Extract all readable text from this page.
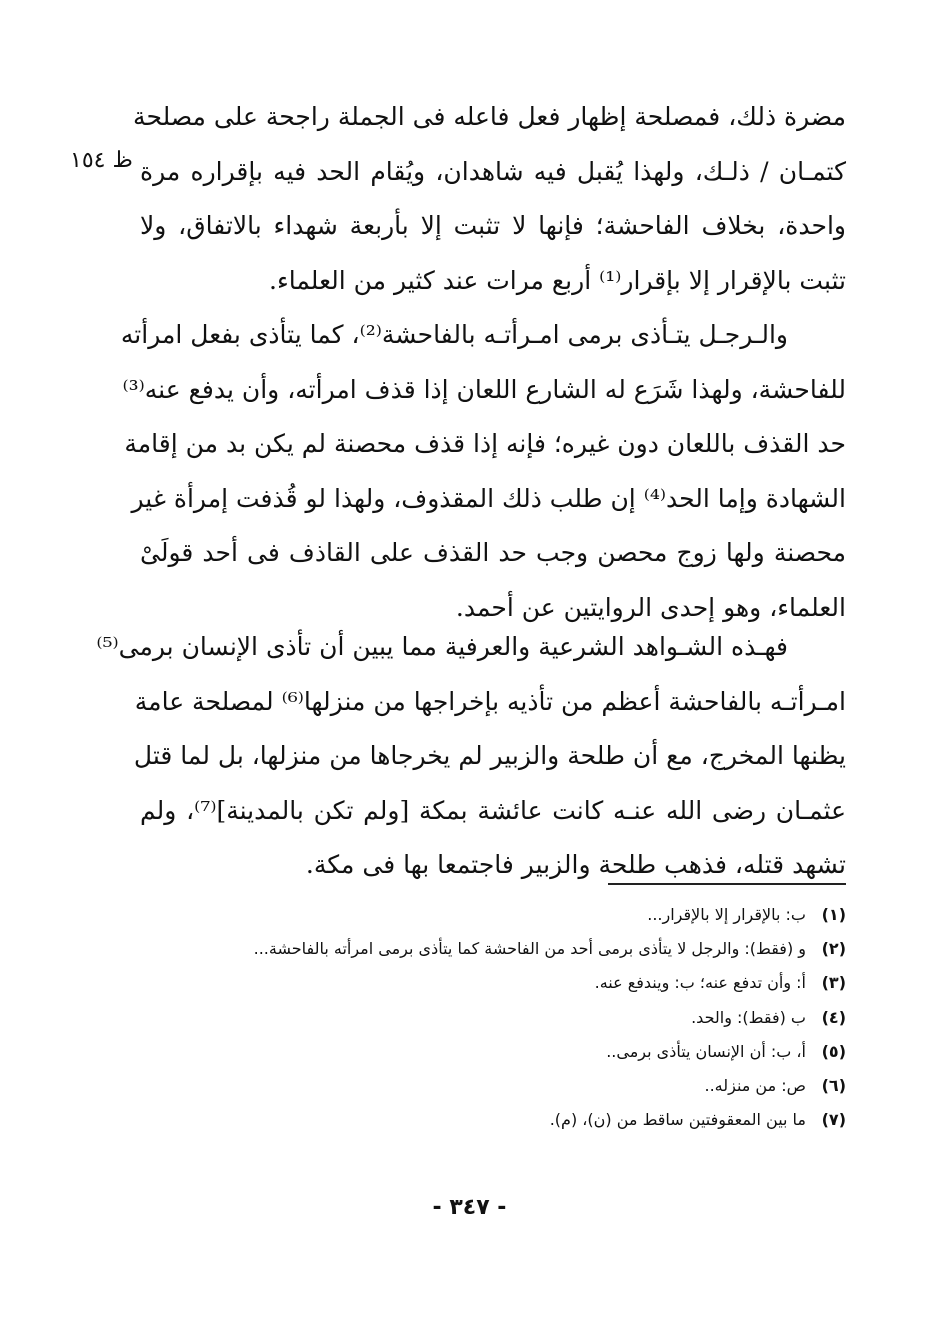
ظ ١٥٤

مضرة ذلك، فمصلحة إظهار فعل فاعله فى الجملة راجحة على مصلحة
كتمـان / ذلـك، ولهذا يُقبل فيه شاهدان، ويُقام الحد فيه بإقراره مرة
واحدة، بخلاف الفاحشة؛ فإنها لا تثبت إلا بأربعة شهداء بالاتفاق، ولا
تثبت بالإقرار إلا بإقرار⁽¹⁾ أربع مرات عند كثير من العلماء.

والـرجـل يتـأذى برمى امـرأتـه بالفاحشة⁽²⁾، كما يتأذى بفعل امرأته
للفاحشة، ولهذا شَرَع له الشارع اللعان إذا قذف امرأته، وأن يدفع عنه⁽³⁾
حد القذف باللعان دون غيره؛ فإنه إذا قذف محصنة لم يكن بد من إقامة
الشهادة وإما الحد⁽⁴⁾ إن طلب ذلك المقذوف، ولهذا لو قُذفت إمرأة غير
محصنة ولها زوج محصن وجب حد القذف على القاذف فى أحد قولَىْ
العلماء، وهو إحدى الروايتين عن أحمد.

فهـذه الشـواهد الشرعية والعرفية مما يبين أن تأذى الإنسان برمى⁽⁵⁾
امـرأتـه بالفاحشة أعظم من تأذيه بإخراجها من منزلها⁽⁶⁾ لمصلحة عامة
يظنها المخرج، مع أن طلحة والزبير لم يخرجاها من منزلها، بل لما قتل
عثمـان رضى الله عنـه كانت عائشة بمكة [ولم تكن بالمدينة]⁽⁷⁾، ولم
تشهد قتله، فذهب طلحة والزبير فاجتمعا بها فى مكة.

(١)ب: بالإقرار إلا بالإقرار...
(٢)و (فقط): والرجل لا يتأذى برمى أحد من الفاحشة كما يتأذى برمى امرأته بالفاحشة...
(٣)أ: وأن تدفع عنه؛ ب: ويندفع عنه.
(٤)ب (فقط): والحد.
(٥)أ، ب: أن الإنسان يتأذى برمى..
(٦)ص: من منزله..
(٧)ما بين المعقوفتين ساقط من (ن)، (م).
- ٣٤٧ -
